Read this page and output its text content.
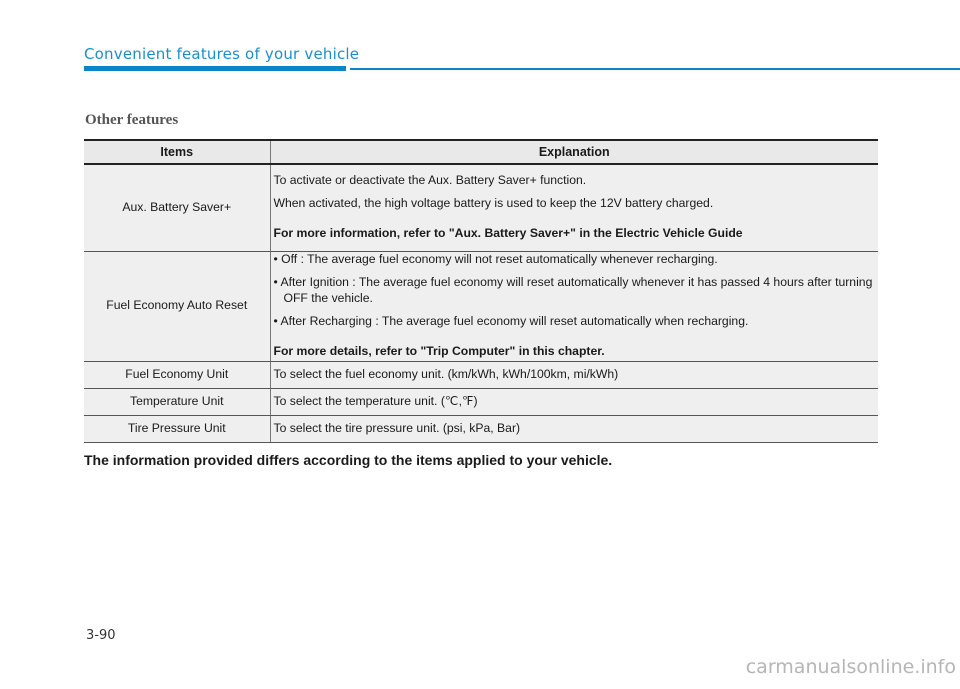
Convenient features of your vehicle
Other features
Items	Explanation
Aux. Battery Saver+	To activate or deactivate the Aux. Battery Saver+ function.

When activated, the high voltage battery is used to keep the 12V battery charged.

For more information, refer to "Aux. Battery Saver+" in the Electric Vehicle Guide

Fuel Economy Auto Reset	• Off : The average fuel economy will not reset automatically whenever recharging.

• After Ignition : The average fuel economy will reset automatically whenever it has passed 4 hours after turning OFF the vehicle.

• After Recharging : The average fuel economy will reset automatically when recharging.

For more details, refer to "Trip Computer" in this chapter.

Fuel Economy Unit	To select the fuel economy unit. (km/kWh, kWh/100km, mi/kWh)
Temperature Unit	To select the temperature unit. (℃,℉)
Tire Pressure Unit	To select the tire pressure unit. (psi, kPa, Bar)
The information provided differs according to the items applied to your vehicle.
3-90
carmanualsonline.info
